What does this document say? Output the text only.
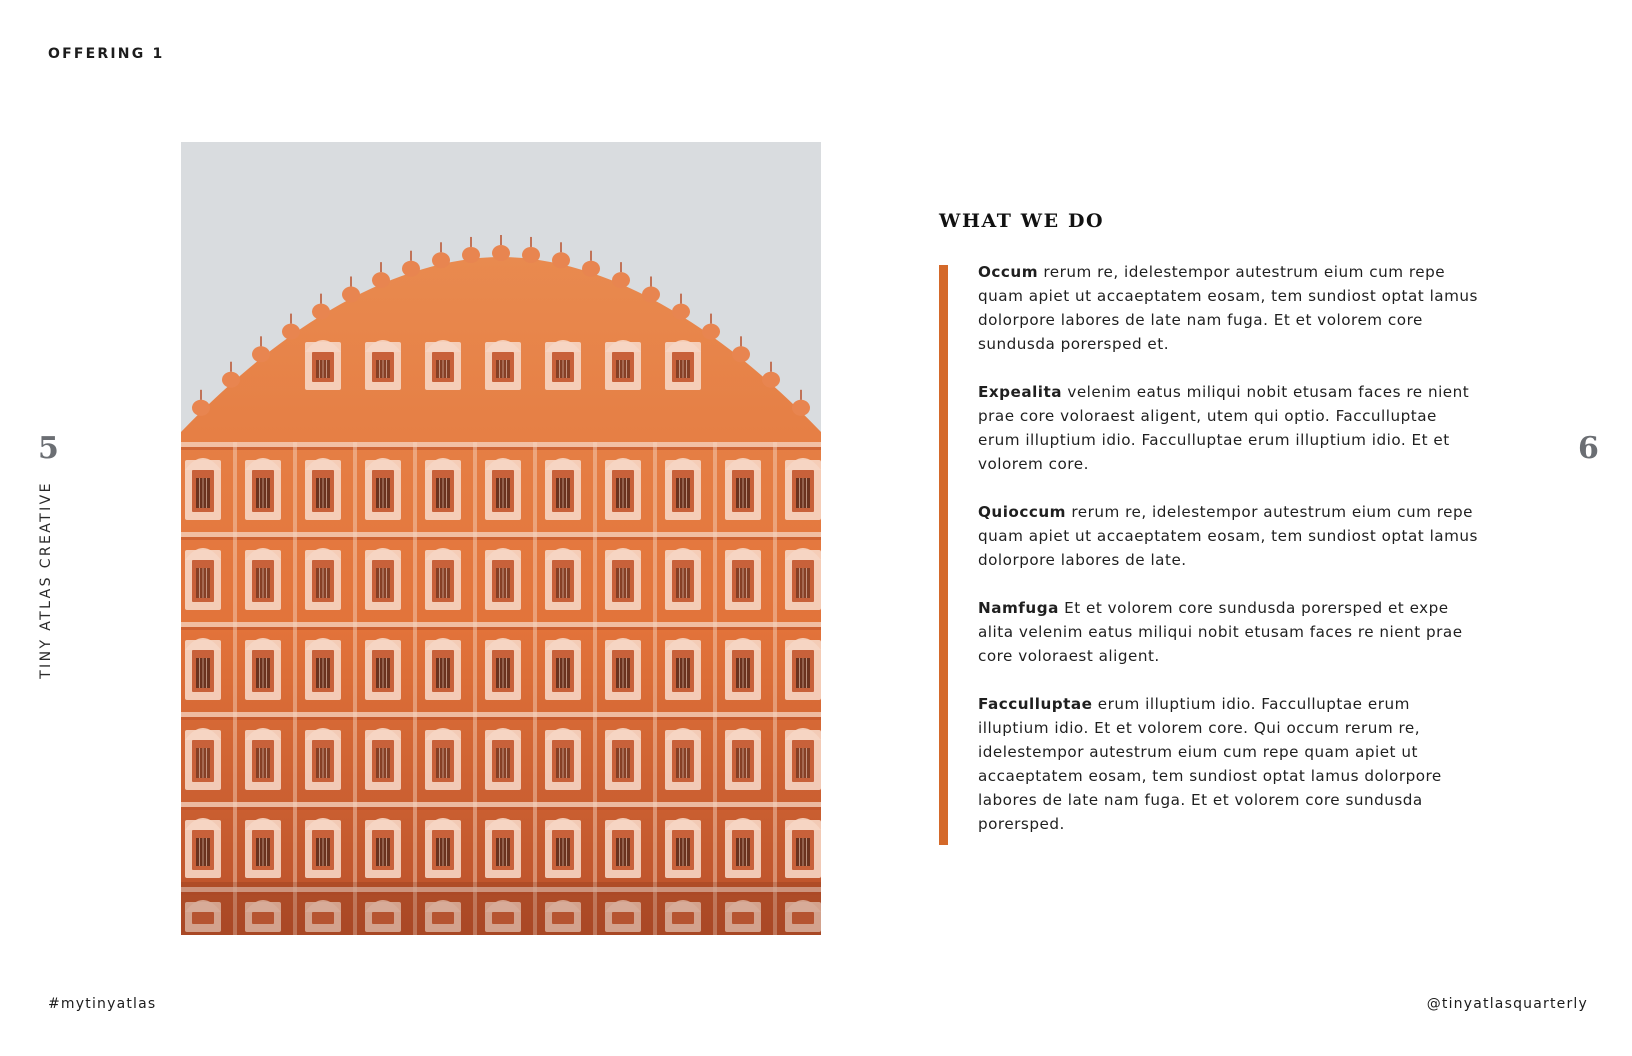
OFFERING 1
5	6
TINY ATLAS CREATIVE
WHAT WE DO

Occum rerum re, idelestempor autestrum eium cum repe quam apiet ut accaeptatem eosam, tem sundiost optat lamus dolorpore labores de late nam fuga. Et et volorem core sundusda porersped et.

Expealita velenim eatus miliqui nobit etusam faces re nient prae core voloraest aligent, utem qui optio. Facculluptae erum illuptium idio. Facculluptae erum illuptium idio. Et et volorem core.

Quioccum rerum re, idelestempor autestrum eium cum repe quam apiet ut accaeptatem eosam, tem sundiost optat lamus dolorpore labores de late.

Namfuga Et et volorem core sundusda porersped et expe alita velenim eatus miliqui nobit etusam faces re nient prae core voloraest aligent.

Facculluptae erum illuptium idio. Facculluptae erum illuptium idio. Et et volorem core. Qui occum rerum re, idelestempor autestrum eium cum repe quam apiet ut accaeptatem eosam, tem sundiost optat lamus dolorpore labores de late nam fuga. Et et volorem core sundusda porersped.

#mytinyatlas	@tinyatlasquarterly
